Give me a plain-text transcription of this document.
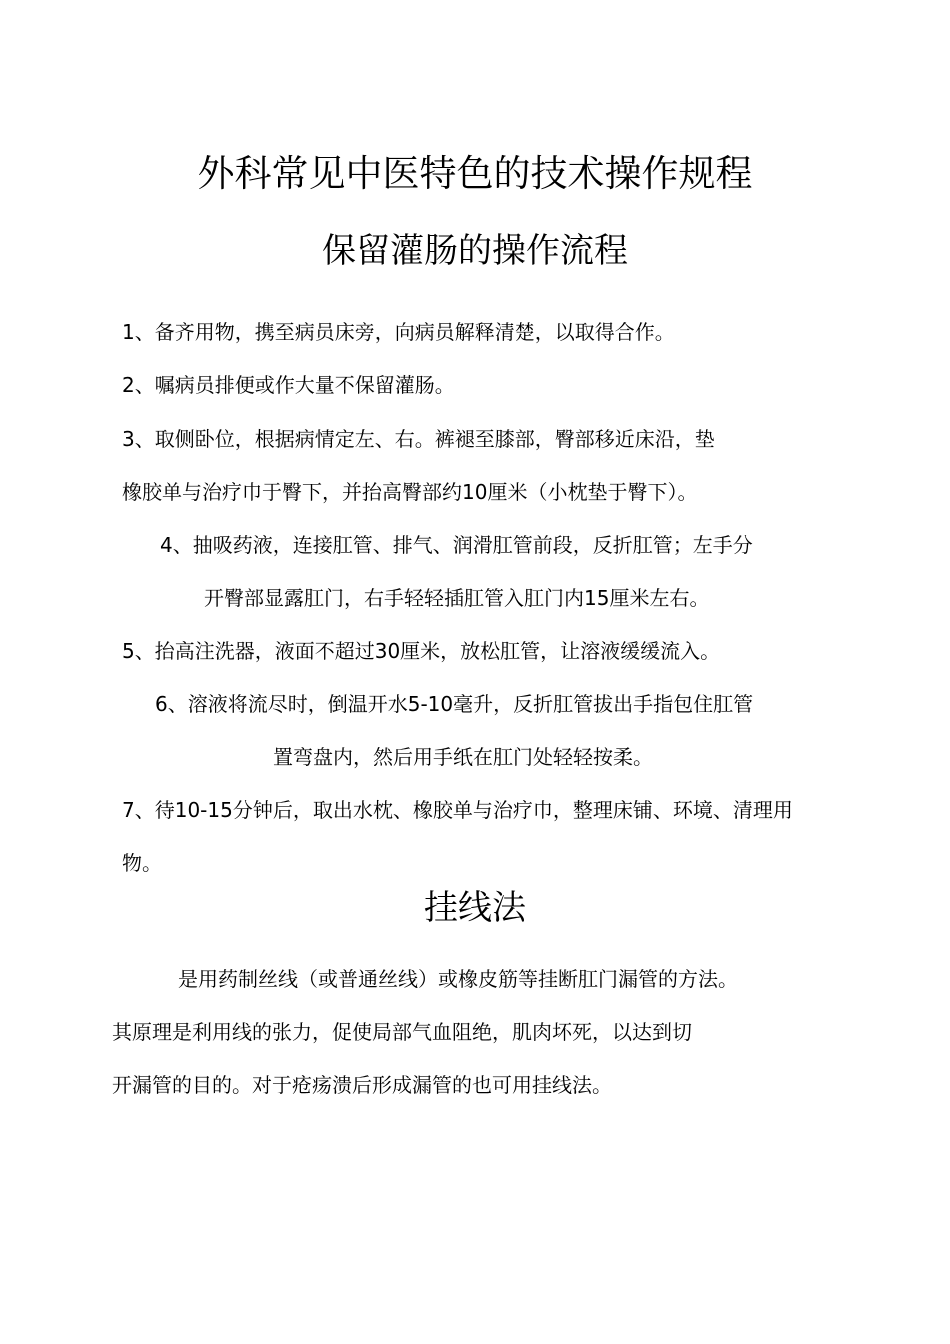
外科常见中医特色的技术操作规程
保留灌肠的操作流程
1、备齐用物，携至病员床旁，向病员解释清楚，以取得合作。
2、嘱病员排便或作大量不保留灌肠。
3、取侧卧位，根据病情定左、右。裤褪至膝部，臀部移近床沿，垫
橡胶单与治疗巾于臀下，并抬高臀部约10厘米（小枕垫于臀下）。
4、抽吸药液，连接肛管、排气、润滑肛管前段，反折肛管；左手分
开臀部显露肛门，右手轻轻插肛管入肛门内15厘米左右。
5、抬高注洗器，液面不超过30厘米，放松肛管，让溶液缓缓流入。
6、溶液将流尽时，倒温开水5-10毫升，反折肛管拔出手指包住肛管
置弯盘内，然后用手纸在肛门处轻轻按柔。
7、待10-15分钟后，取出水枕、橡胶单与治疗巾，整理床铺、环境、清理用
物。
挂线法
是用药制丝线（或普通丝线）或橡皮筋等挂断肛门漏管的方法。
其原理是利用线的张力，促使局部气血阻绝，肌肉坏死，以达到切
开漏管的目的。对于疮疡溃后形成漏管的也可用挂线法。
